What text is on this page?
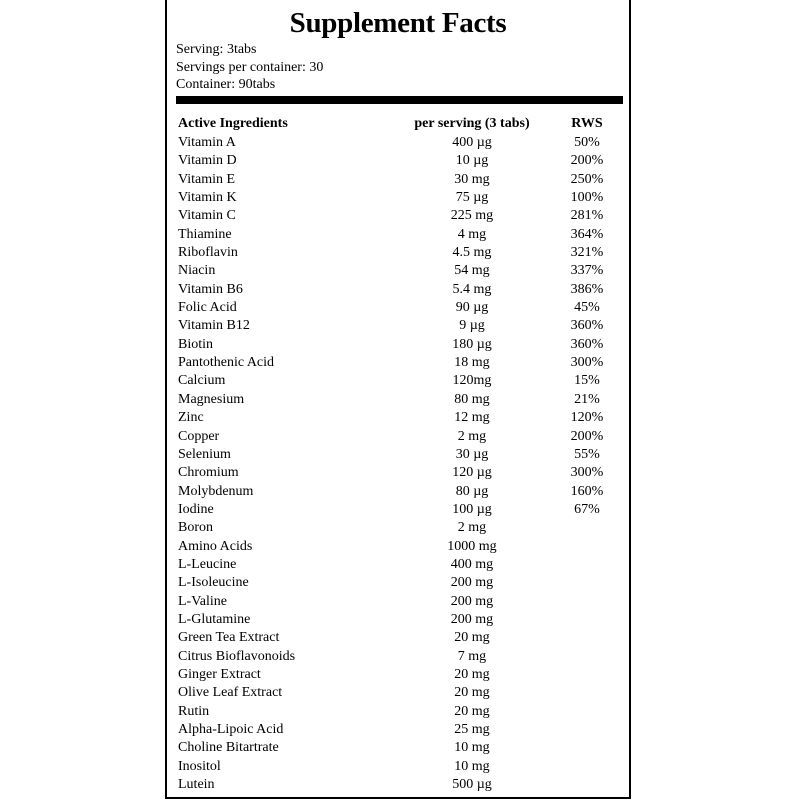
Supplement Facts
Serving: 3tabs
Servings per container: 30
Container: 90tabs
Active Ingredients	per serving (3 tabs)	RWS
Vitamin A	400 µg	50%
Vitamin D	10 µg	200%
Vitamin E	30 mg	250%
Vitamin K	75 µg	100%
Vitamin C	225 mg	281%
Thiamine	4 mg	364%
Riboflavin	4.5 mg	321%
Niacin	54 mg	337%
Vitamin B6	5.4 mg	386%
Folic Acid	90 µg	45%
Vitamin B12	9 µg	360%
Biotin	180 µg	360%
Pantothenic Acid	18 mg	300%
Calcium	120mg	15%
Magnesium	80 mg	21%
Zinc	12 mg	120%
Copper	2 mg	200%
Selenium	30 µg	55%
Chromium	120 µg	300%
Molybdenum	80 µg	160%
Iodine	100 µg	67%
Boron	2 mg
Amino Acids	1000 mg
L-Leucine	400 mg
L-Isoleucine	200 mg
L-Valine	200 mg
L-Glutamine	200 mg
Green Tea Extract	20 mg
Citrus Bioflavonoids	7 mg
Ginger Extract	20 mg
Olive Leaf Extract	20 mg
Rutin	20 mg
Alpha-Lipoic Acid	25 mg
Choline Bitartrate	10 mg
Inositol	10 mg
Lutein	500 µg
